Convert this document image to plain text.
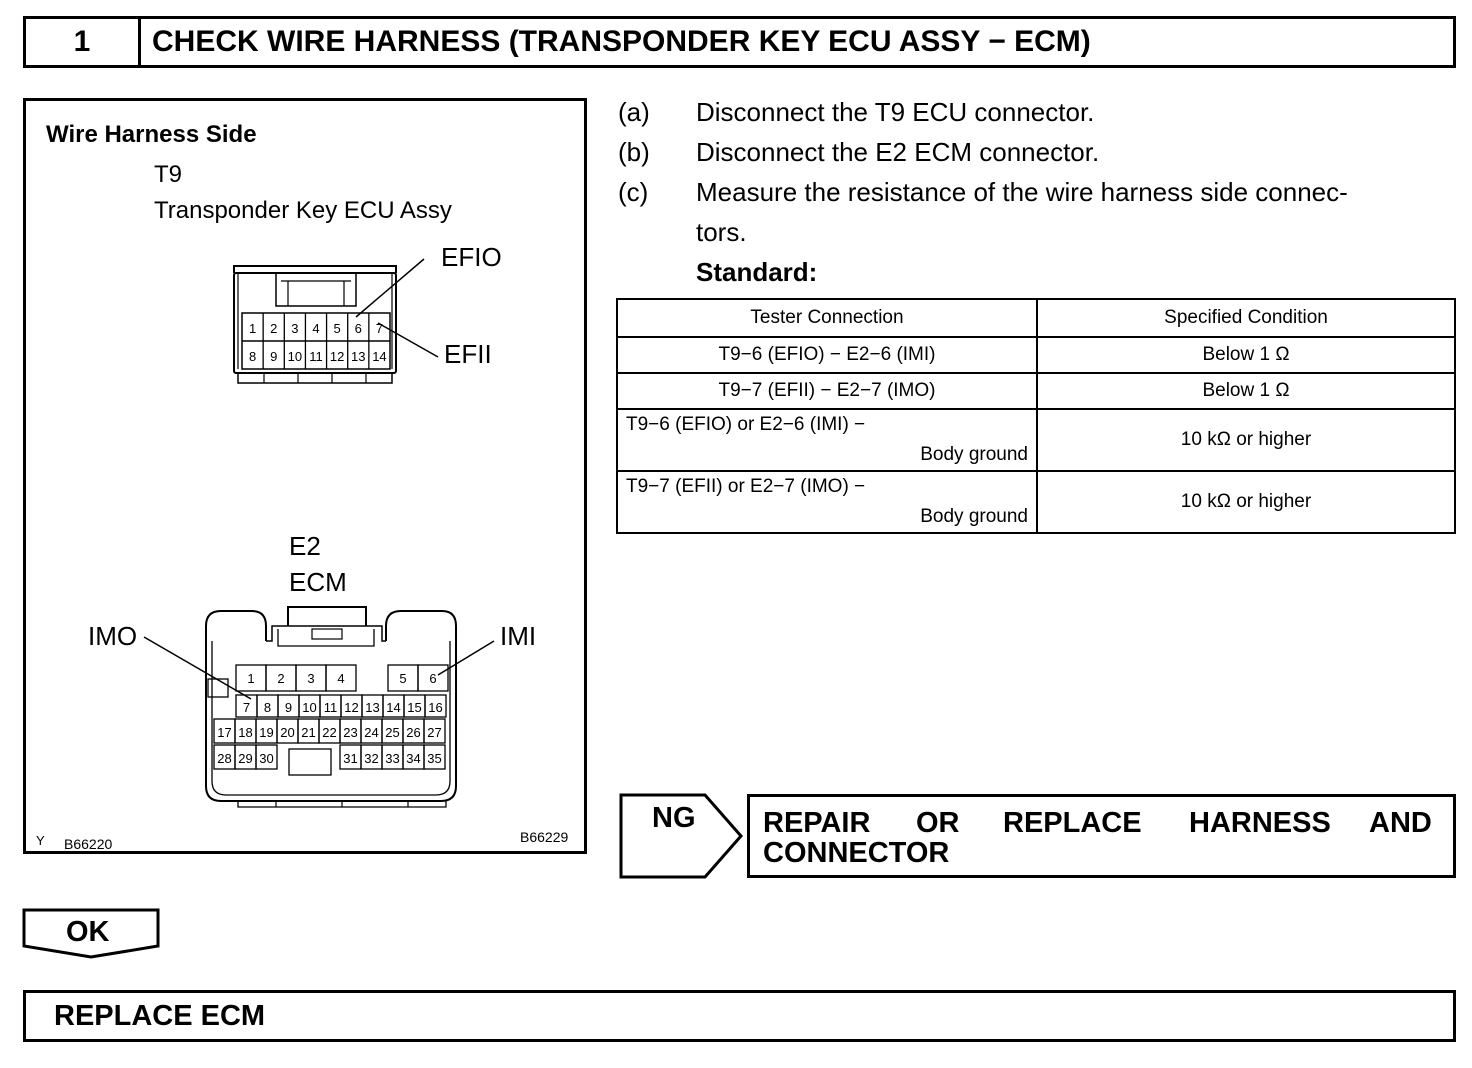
1	CHECK WIRE HARNESS (TRANSPONDER KEY ECU ASSY − ECM)
1 2 3 4 5 6 7
8 9 10 11 12 13 14
1 2 3 4	5 6
7 8 9 10 11 12 13 14 15 16
17 18 19 20 21 22 23 24 25 26 27
28 29 30	31 32 33 34 35
Wire Harness Side
T9
Transponder Key ECU Assy
EFIO
EFII
E2
ECM
IMO	IMI
Y B66220	B66229
(a) Disconnect the T9 ECU connector.
(b) Disconnect the E2 ECM connector.
(c) Measure the resistance of the wire harness side connec-
tors.
Standard:
Tester Connection	Specified Condition
T9−6 (EFIO) − E2−6 (IMI)	Below 1 Ω
T9−7 (EFII) − E2−7 (IMO)	Below 1 Ω

T9−6 (EFIO) or E2−6 (IMI) −
Body ground	10 kΩ or higher

T9−7 (EFII) or E2−7 (IMO) −
Body ground	10 kΩ or higher
NG REPAIR OR REPLACE HARNESS AND
CONNECTOR
OK
REPLACE ECM
